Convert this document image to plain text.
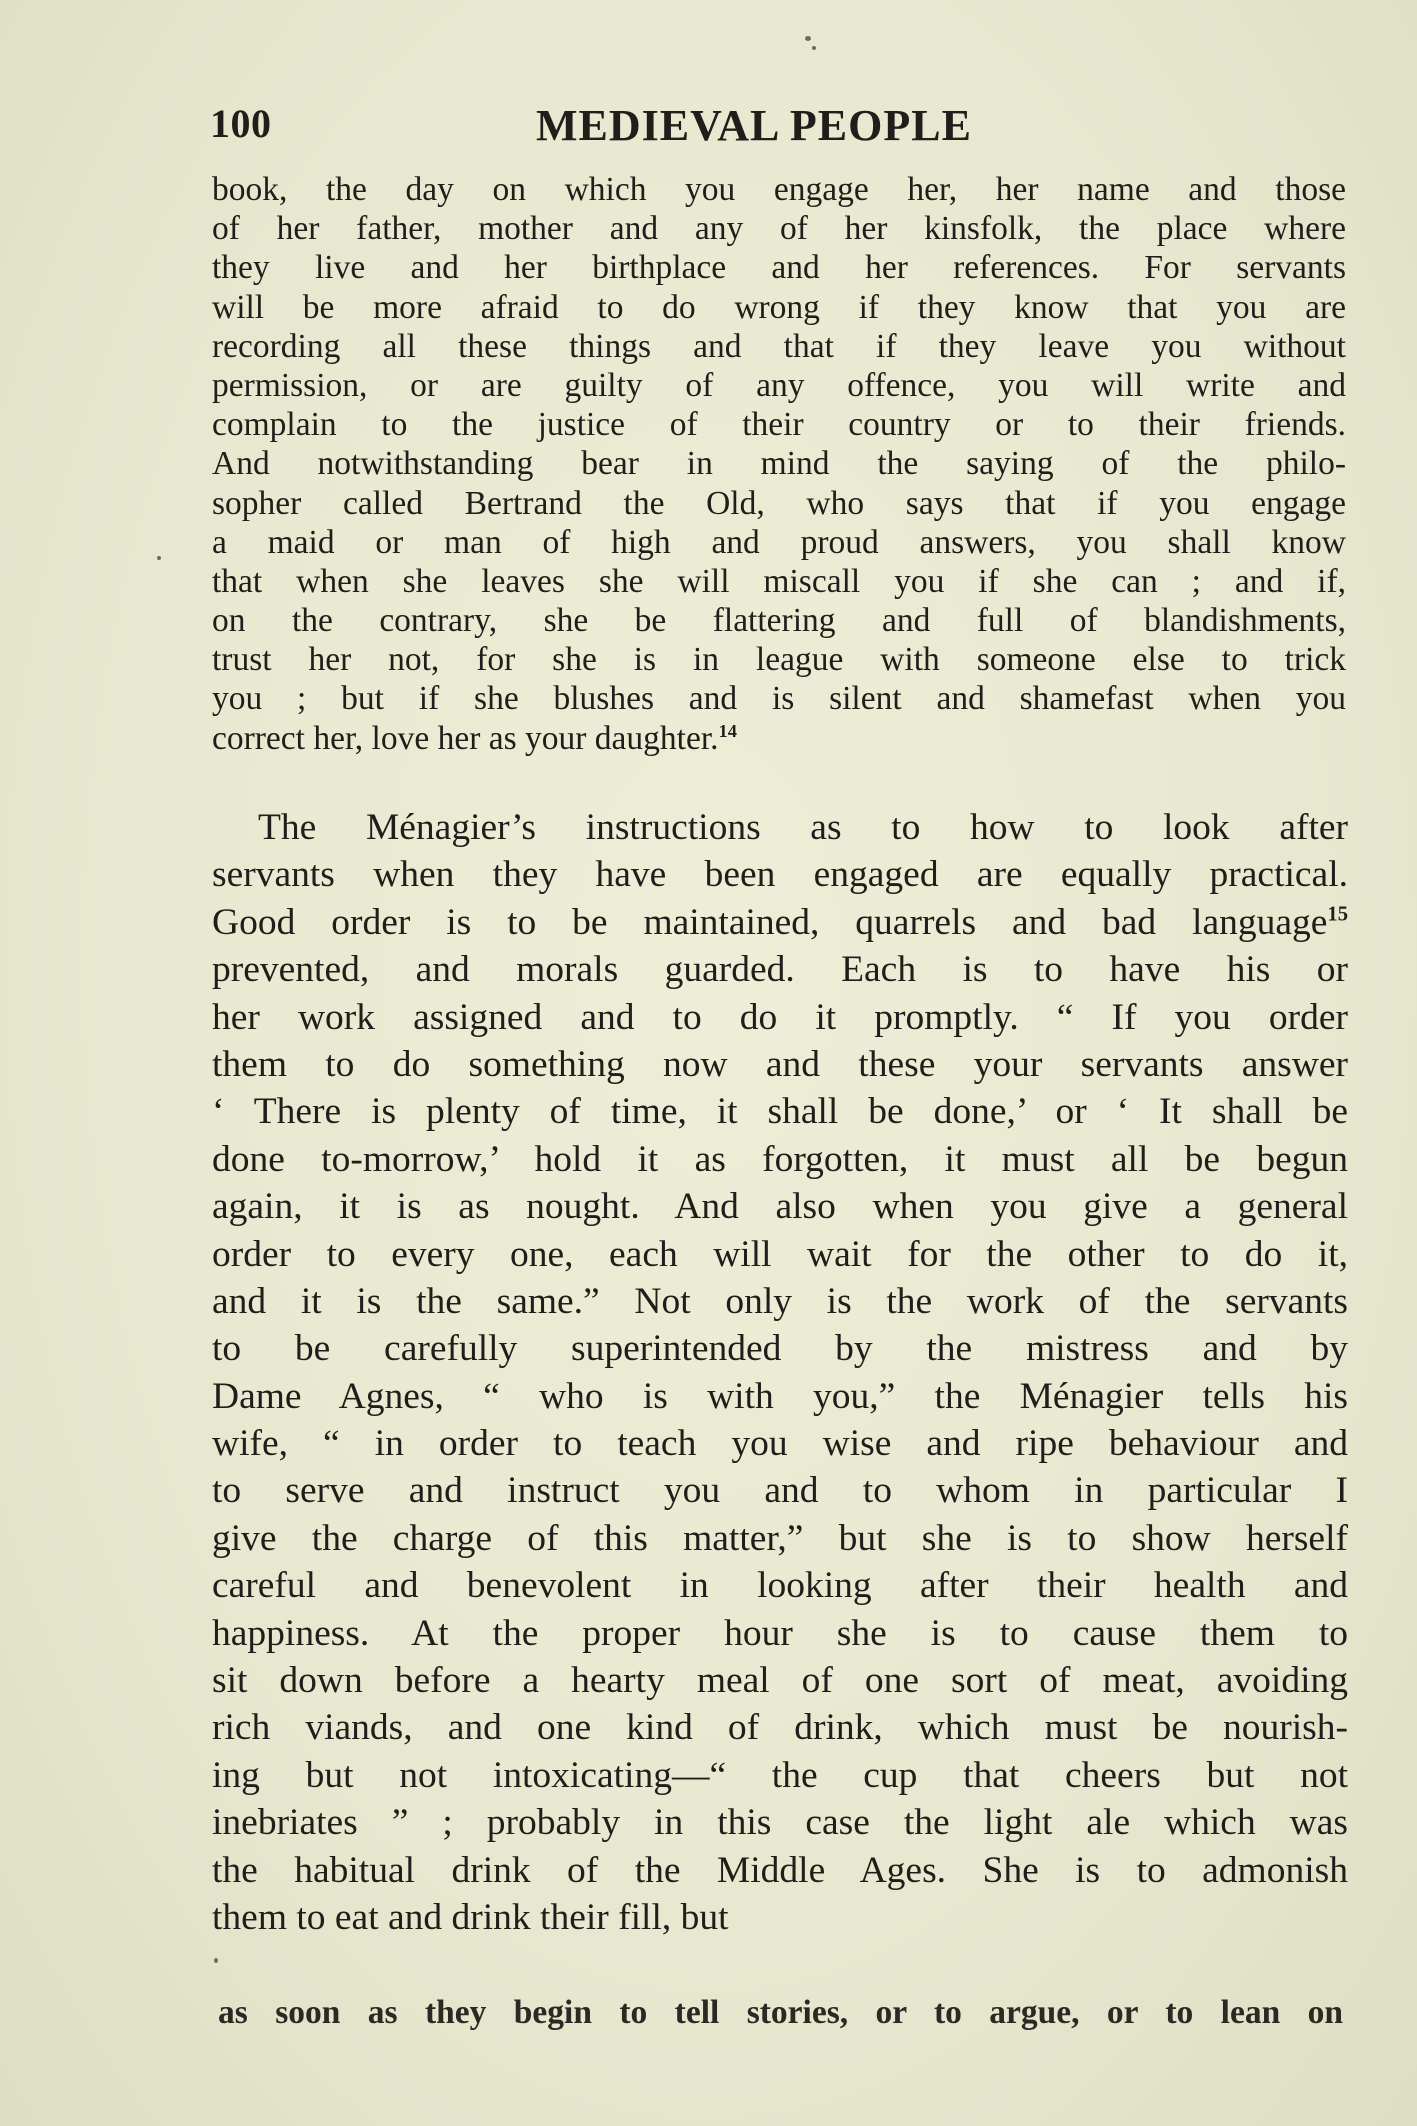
100	MEDIEVAL PEOPLE
book, the day on which you engage her, her name and those
of her father, mother and any of her kinsfolk, the place where
they live and her birthplace and her references. For servants
will be more afraid to do wrong if they know that you are
recording all these things and that if they leave you without
permission, or are guilty of any offence, you will write and
complain to the justice of their country or to their friends.
And notwithstanding bear in mind the saying of the philo-
sopher called Bertrand the Old, who says that if you engage
a maid or man of high and proud answers, you shall know
that when she leaves she will miscall you if she can ; and if,
on the contrary, she be flattering and full of blandishments,
trust her not, for she is in league with someone else to trick
you ; but if she blushes and is silent and shamefast when you
correct her, love her as your daughter.$^{14}$
The Ménagier’s instructions as to how to look after
servants when they have been engaged are equally practical.
Good order is to be maintained, quarrels and bad language$^{15}$
prevented, and morals guarded. Each is to have his or
her work assigned and to do it promptly. “ If you order
them to do something now and these your servants answer
‘ There is plenty of time, it shall be done,’ or ‘ It shall be
done to-morrow,’ hold it as forgotten, it must all be begun
again, it is as nought. And also when you give a general
order to every one, each will wait for the other to do it,
and it is the same.” Not only is the work of the servants
to be carefully superintended by the mistress and by
Dame Agnes, “ who is with you,” the Ménagier tells his
wife, “ in order to teach you wise and ripe behaviour and
to serve and instruct you and to whom in particular I
give the charge of this matter,” but she is to show herself
careful and benevolent in looking after their health and
happiness. At the proper hour she is to cause them to
sit down before a hearty meal of one sort of meat, avoiding
rich viands, and one kind of drink, which must be nourish-
ing but not intoxicating—“ the cup that cheers but not
inebriates ” ; probably in this case the light ale which was
the habitual drink of the Middle Ages. She is to admonish
them to eat and drink their fill, but
as soon as they begin to tell stories, or to argue, or to lean on
